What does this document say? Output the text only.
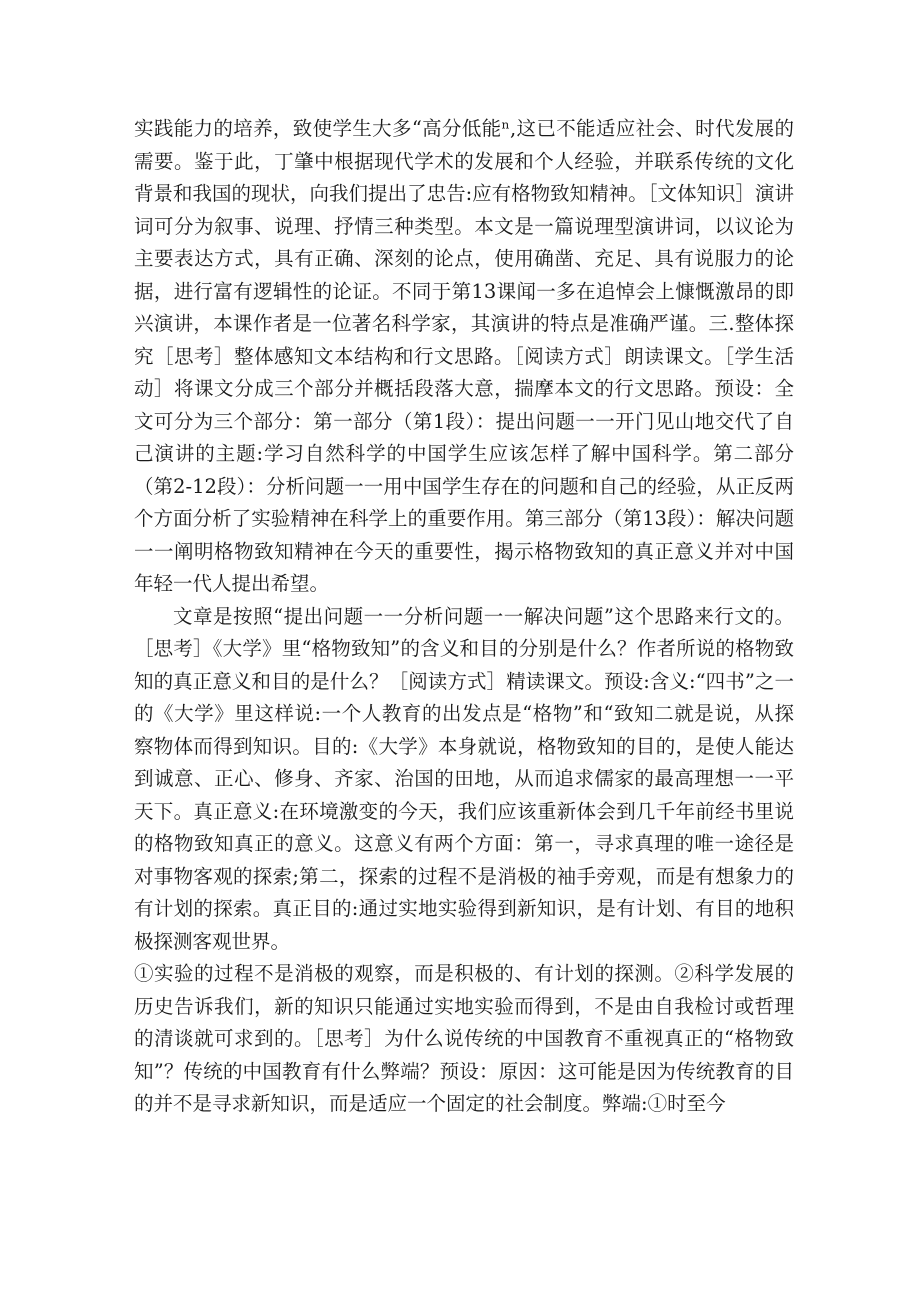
实践能力的培养，致使学生大多“高分低能ⁿ,这已不能适应社会、时代发展的需要。鉴于此，丁肇中根据现代学术的发展和个人经验，并联系传统的文化背景和我国的现状，向我们提出了忠告:应有格物致知精神。［文体知识］演讲词可分为叙事、说理、抒情三种类型。本文是一篇说理型演讲词，以议论为主要表达方式，具有正确、深刻的论点，使用确凿、充足、具有说服力的论据，进行富有逻辑性的论证。不同于第13课闻一多在追悼会上慷慨激昂的即兴演讲，本课作者是一位著名科学家，其演讲的特点是准确严谨。三.整体探究［思考］整体感知文本结构和行文思路。［阅读方式］朗读课文。［学生活动］将课文分成三个部分并概括段落大意，揣摩本文的行文思路。预设：全文可分为三个部分：第一部分（第1段）：提出问题一一开门见山地交代了自己演讲的主题:学习自然科学的中国学生应该怎样了解中国科学。第二部分（第2-12段）：分析问题一一用中国学生存在的问题和自己的经验，从正反两个方面分析了实验精神在科学上的重要作用。第三部分（第13段）：解决问题一一阐明格物致知精神在今天的重要性，揭示格物致知的真正意义并对中国年轻一代人提出希望。

文章是按照“提出问题一一分析问题一一解决问题”这个思路来行文的。［思考］《大学》里“格物致知”的含义和目的分别是什么？作者所说的格物致知的真正意义和目的是什么？［阅读方式］精读课文。预设:含义:“四书”之一的《大学》里这样说:一个人教育的出发点是“格物”和“致知二就是说，从探察物体而得到知识。目的:《大学》本身就说，格物致知的目的，是使人能达到诚意、正心、修身、齐家、治国的田地，从而追求儒家的最高理想一一平天下。真正意义:在环境激变的今天，我们应该重新体会到几千年前经书里说的格物致知真正的意义。这意义有两个方面：第一，寻求真理的唯一途径是对事物客观的探索;第二，探索的过程不是消极的袖手旁观，而是有想象力的有计划的探索。真正目的:通过实地实验得到新知识，是有计划、有目的地积极探测客观世界。

①实验的过程不是消极的观察，而是积极的、有计划的探测。②科学发展的历史告诉我们，新的知识只能通过实地实验而得到，不是由自我检讨或哲理的清谈就可求到的。［思考］为什么说传统的中国教育不重视真正的“格物致知”？传统的中国教育有什么弊端？预设：原因：这可能是因为传统教育的目的并不是寻求新知识，而是适应一个固定的社会制度。弊端:①时至今
